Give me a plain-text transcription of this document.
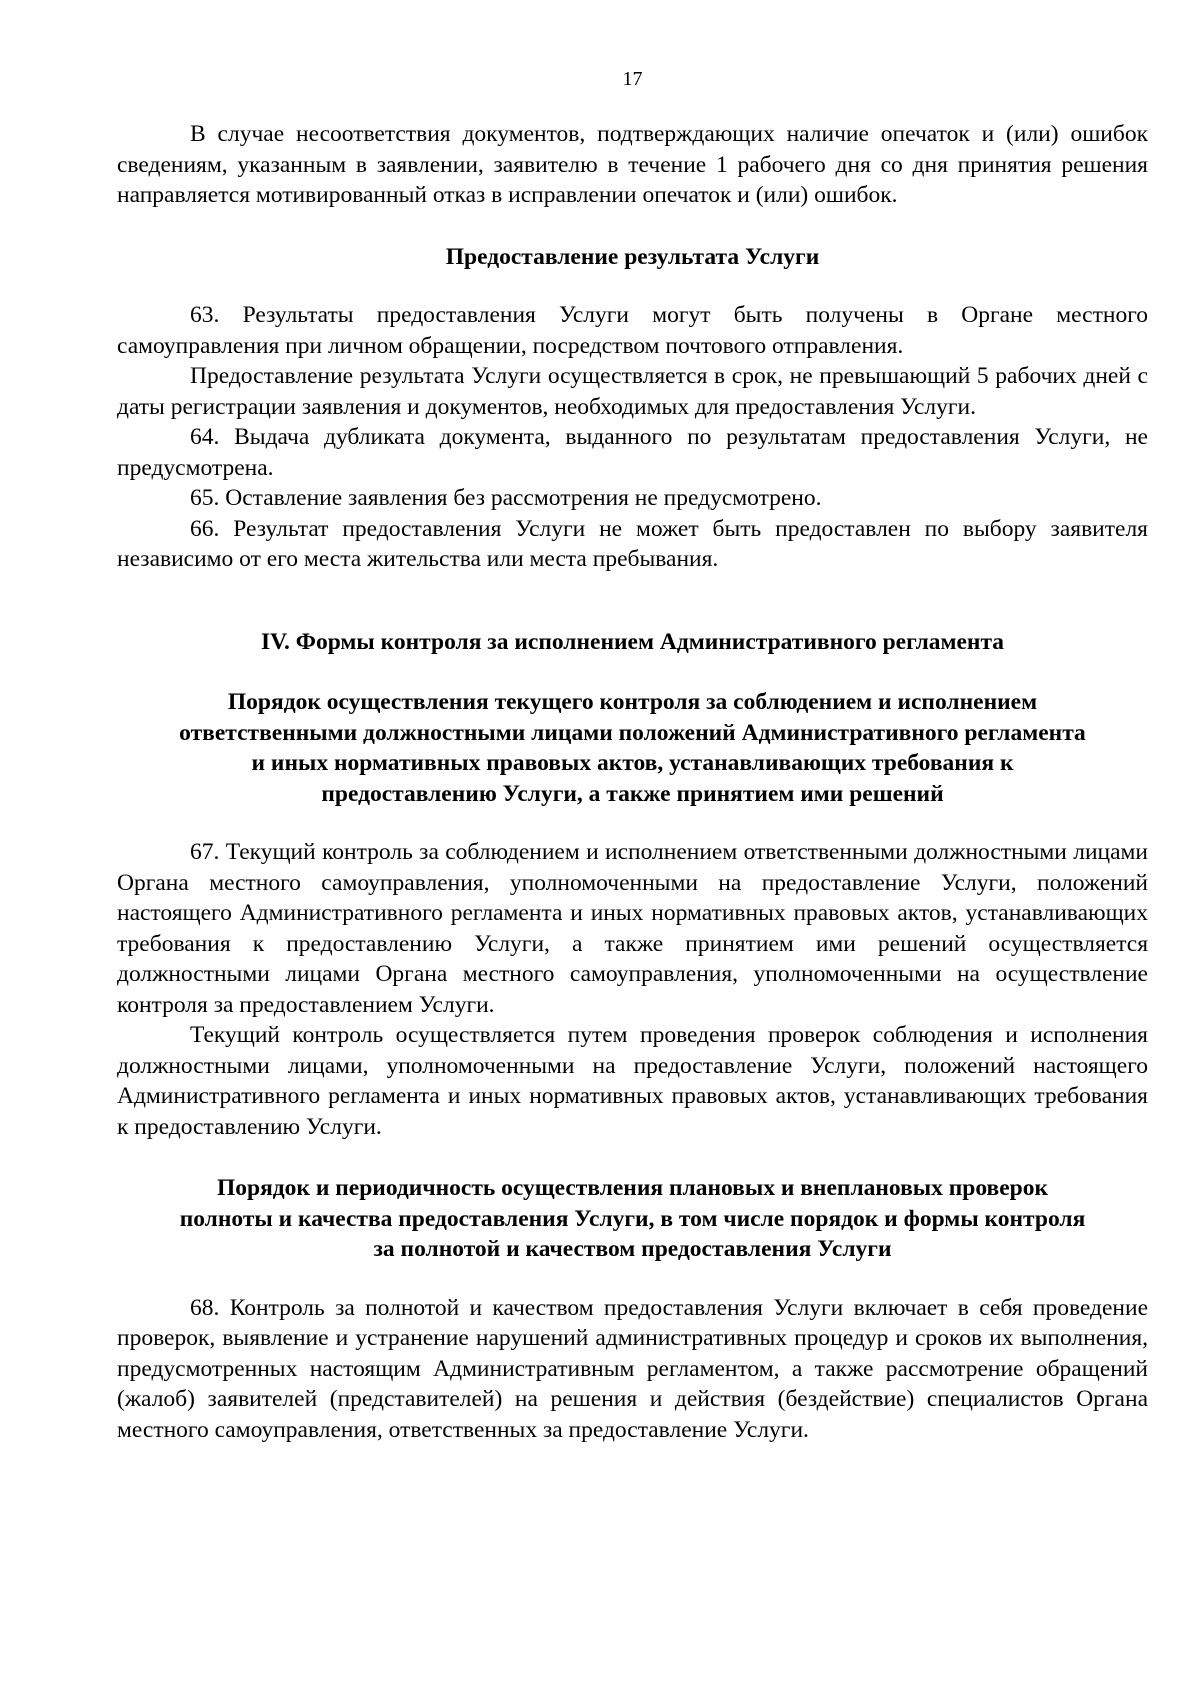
17

В случае несоответствия документов, подтверждающих наличие опечаток и (или) ошибок сведениям, указанным в заявлении, заявителю в течение 1 рабочего дня со дня принятия решения направляется мотивированный отказ в исправлении опечаток и (или) ошибок.

Предоставление результата Услуги

63. Результаты предоставления Услуги могут быть получены в Органе местного самоуправления при личном обращении, посредством почтового отправления.

Предоставление результата Услуги осуществляется в срок, не превышающий 5 рабочих дней с даты регистрации заявления и документов, необходимых для предоставления Услуги.

64. Выдача дубликата документа, выданного по результатам предоставления Услуги, не предусмотрена.

65. Оставление заявления без рассмотрения не предусмотрено.

66. Результат предоставления Услуги не может быть предоставлен по выбору заявителя независимо от его места жительства или места пребывания.

IV. Формы контроля за исполнением Административного регламента
Порядок осуществления текущего контроля за соблюдением и исполнением
ответственными должностными лицами положений Административного регламента
и иных нормативных правовых актов, устанавливающих требования к
предоставлению Услуги, а также принятием ими решений

67. Текущий контроль за соблюдением и исполнением ответственными должностными лицами Органа местного самоуправления, уполномоченными на предоставление Услуги, положений настоящего Административного регламента и иных нормативных правовых актов, устанавливающих требования к предоставлению Услуги, а также принятием ими решений осуществляется должностными лицами Органа местного самоуправления, уполномоченными на осуществление контроля за предоставлением Услуги.

Текущий контроль осуществляется путем проведения проверок соблюдения и исполнения должностными лицами, уполномоченными на предоставление Услуги, положений настоящего Административного регламента и иных нормативных правовых актов, устанавливающих требования к предоставлению Услуги.

Порядок и периодичность осуществления плановых и внеплановых проверок
полноты и качества предоставления Услуги, в том числе порядок и формы контроля
за полнотой и качеством предоставления Услуги

68. Контроль за полнотой и качеством предоставления Услуги включает в себя проведение проверок, выявление и устранение нарушений административных процедур и сроков их выполнения, предусмотренных настоящим Административным регламентом, а также рассмотрение обращений (жалоб) заявителей (представителей) на решения и действия (бездействие) специалистов Органа местного самоуправления, ответственных за предоставление Услуги.
